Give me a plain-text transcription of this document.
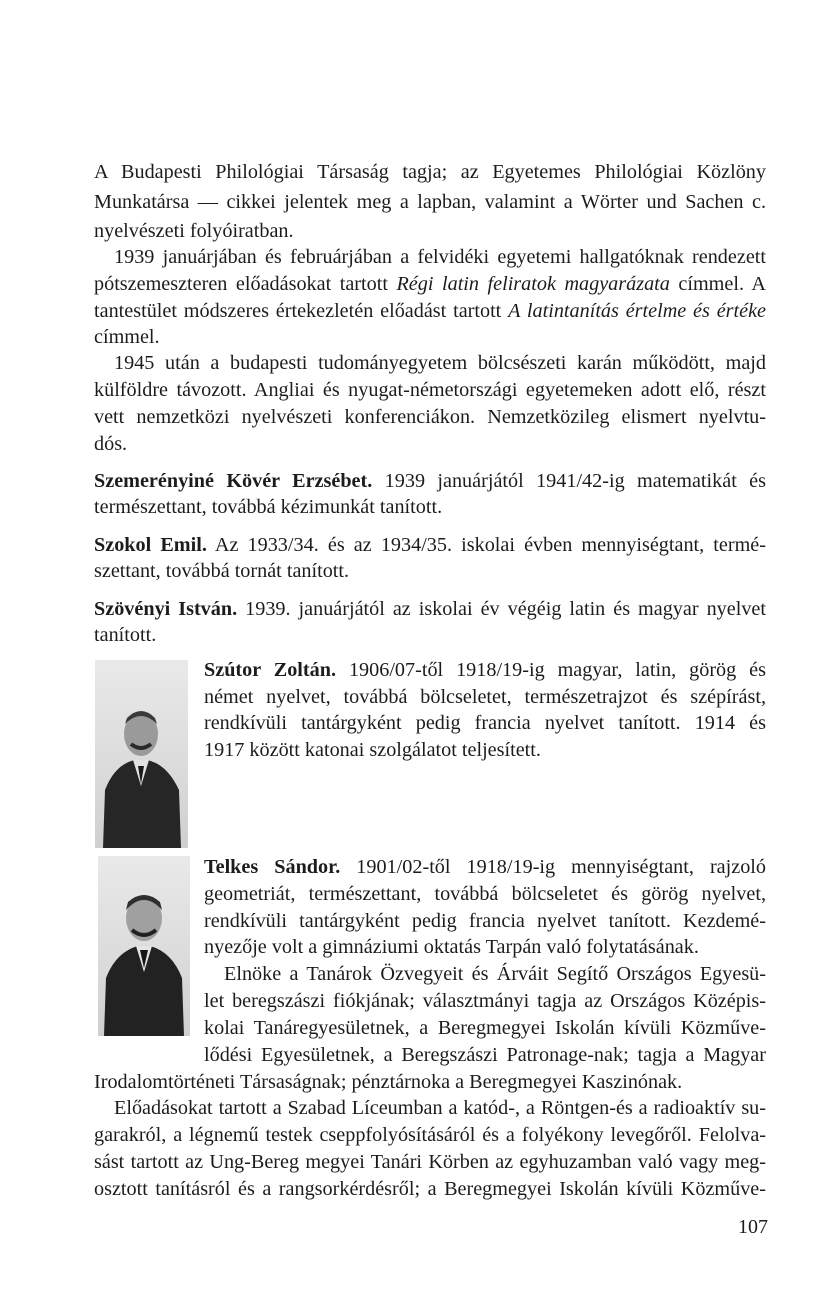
A Budapesti Philológiai Társaság tagja; az Egyetemes Philológiai Közlöny
Munkatársa — cikkei jelentek meg a lapban, valamint a Wörter und Sachen c.
nyelvészeti folyóiratban.
1939 januárjában és februárjában a felvidéki egyetemi hallgatóknak rendezett
pótszemeszteren előadásokat tartott Régi latin feliratok magyarázata címmel. A
tantestület módszeres értekezletén előadást tartott A latintanítás értelme és értéke
címmel.
1945 után a budapesti tudományegyetem bölcsészeti karán működött, majd
külföldre távozott. Angliai és nyugat-németországi egyetemeken adott elő, részt
vett nemzetközi nyelvészeti konferenciákon. Nemzetközileg elismert nyelvtu-
dós.
Szemerényiné Kövér Erzsébet. 1939 januárjától 1941/42-ig matematikát és
természettant, továbbá kézimunkát tanított.
Szokol Emil. Az 1933/34. és az 1934/35. iskolai évben mennyiségtant, termé-
szettant, továbbá tornát tanított.
Szövényi István. 1939. januárjától az iskolai év végéig latin és magyar nyelvet
tanított.
Szútor Zoltán. 1906/07-től 1918/19-ig magyar, latin, görög és
német nyelvet, továbbá bölcseletet, természetrajzot és szépírást,
rendkívüli tantárgyként pedig francia nyelvet tanított. 1914 és
1917 között katonai szolgálatot teljesített.
Telkes Sándor. 1901/02-től 1918/19-ig mennyiségtant, rajzoló
geometriát, természettant, továbbá bölcseletet és görög nyelvet,
rendkívüli tantárgyként pedig francia nyelvet tanított. Kezdemé-
nyezője volt a gimnáziumi oktatás Tarpán való folytatásának.
Elnöke a Tanárok Özvegyeit és Árváit Segítő Országos Egyesü-
let beregszászi fiókjának; választmányi tagja az Országos Középis-
kolai Tanáregyesületnek, a Beregmegyei Iskolán kívüli Közműve-
lődési Egyesületnek, a Beregszászi Patronage-nak; tagja a Magyar
Irodalomtörténeti Társaságnak; pénztárnoka a Beregmegyei Kaszinónak.
Előadásokat tartott a Szabad Líceumban a katód-, a Röntgen-és a radioaktív su-
garakról, a légnemű testek cseppfolyósításáról és a folyékony levegőről. Felolva-
sást tartott az Ung-Bereg megyei Tanári Körben az egyhuzamban való vagy meg-
osztott tanításról és a rangsorkérdésről; a Beregmegyei Iskolán kívüli Közműve-
107
